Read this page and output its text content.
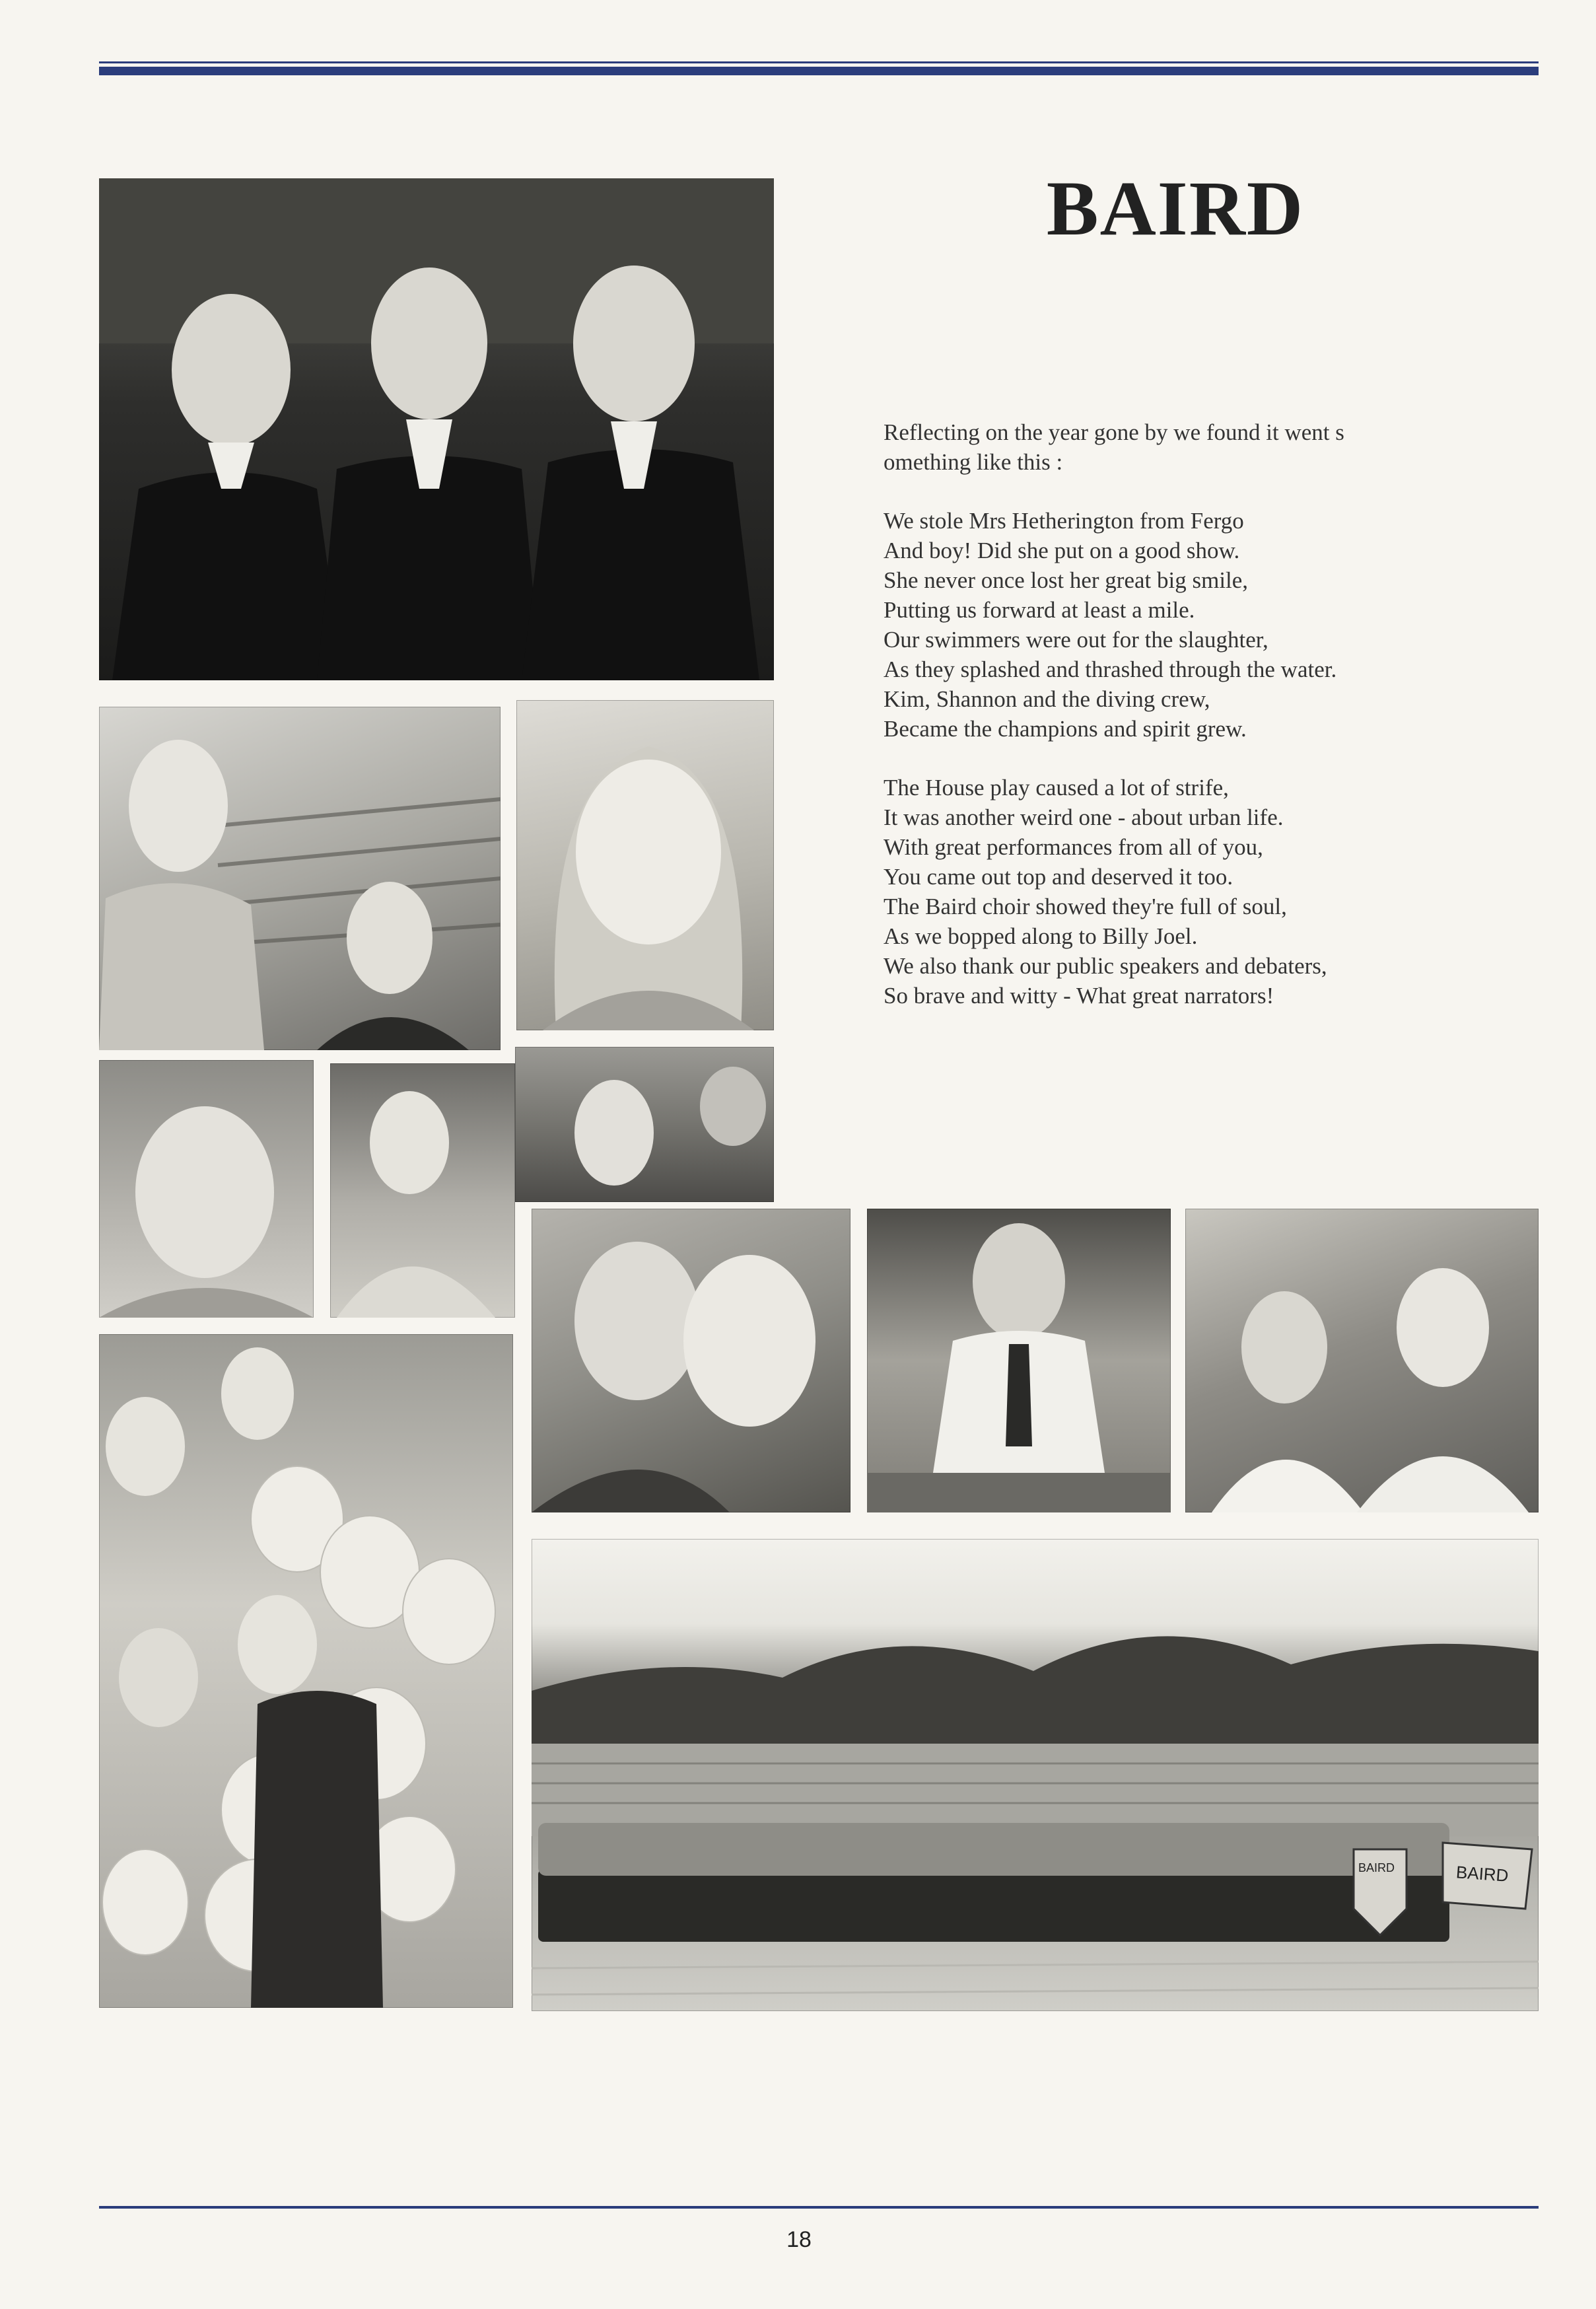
BAIRD	BAIRD
BAIRD

Reflecting on the year gone by we found it went s
omething like this :

We stole Mrs Hetherington from Fergo
And boy! Did she put on a good show.
She never once lost her great big smile,
Putting us forward at least a mile.
Our swimmers were out for the slaughter,
As they splashed and thrashed through the water.
Kim, Shannon and the diving crew,
Became the champions and spirit grew.

The House play caused a lot of strife,
It was another weird one - about urban life.
With great performances from all of you,
You came out top and deserved it too.
The Baird choir showed they're full of soul,
As we bopped along to Billy Joel.
We also thank our public speakers and debaters,
So brave and witty - What great narrators!

18
